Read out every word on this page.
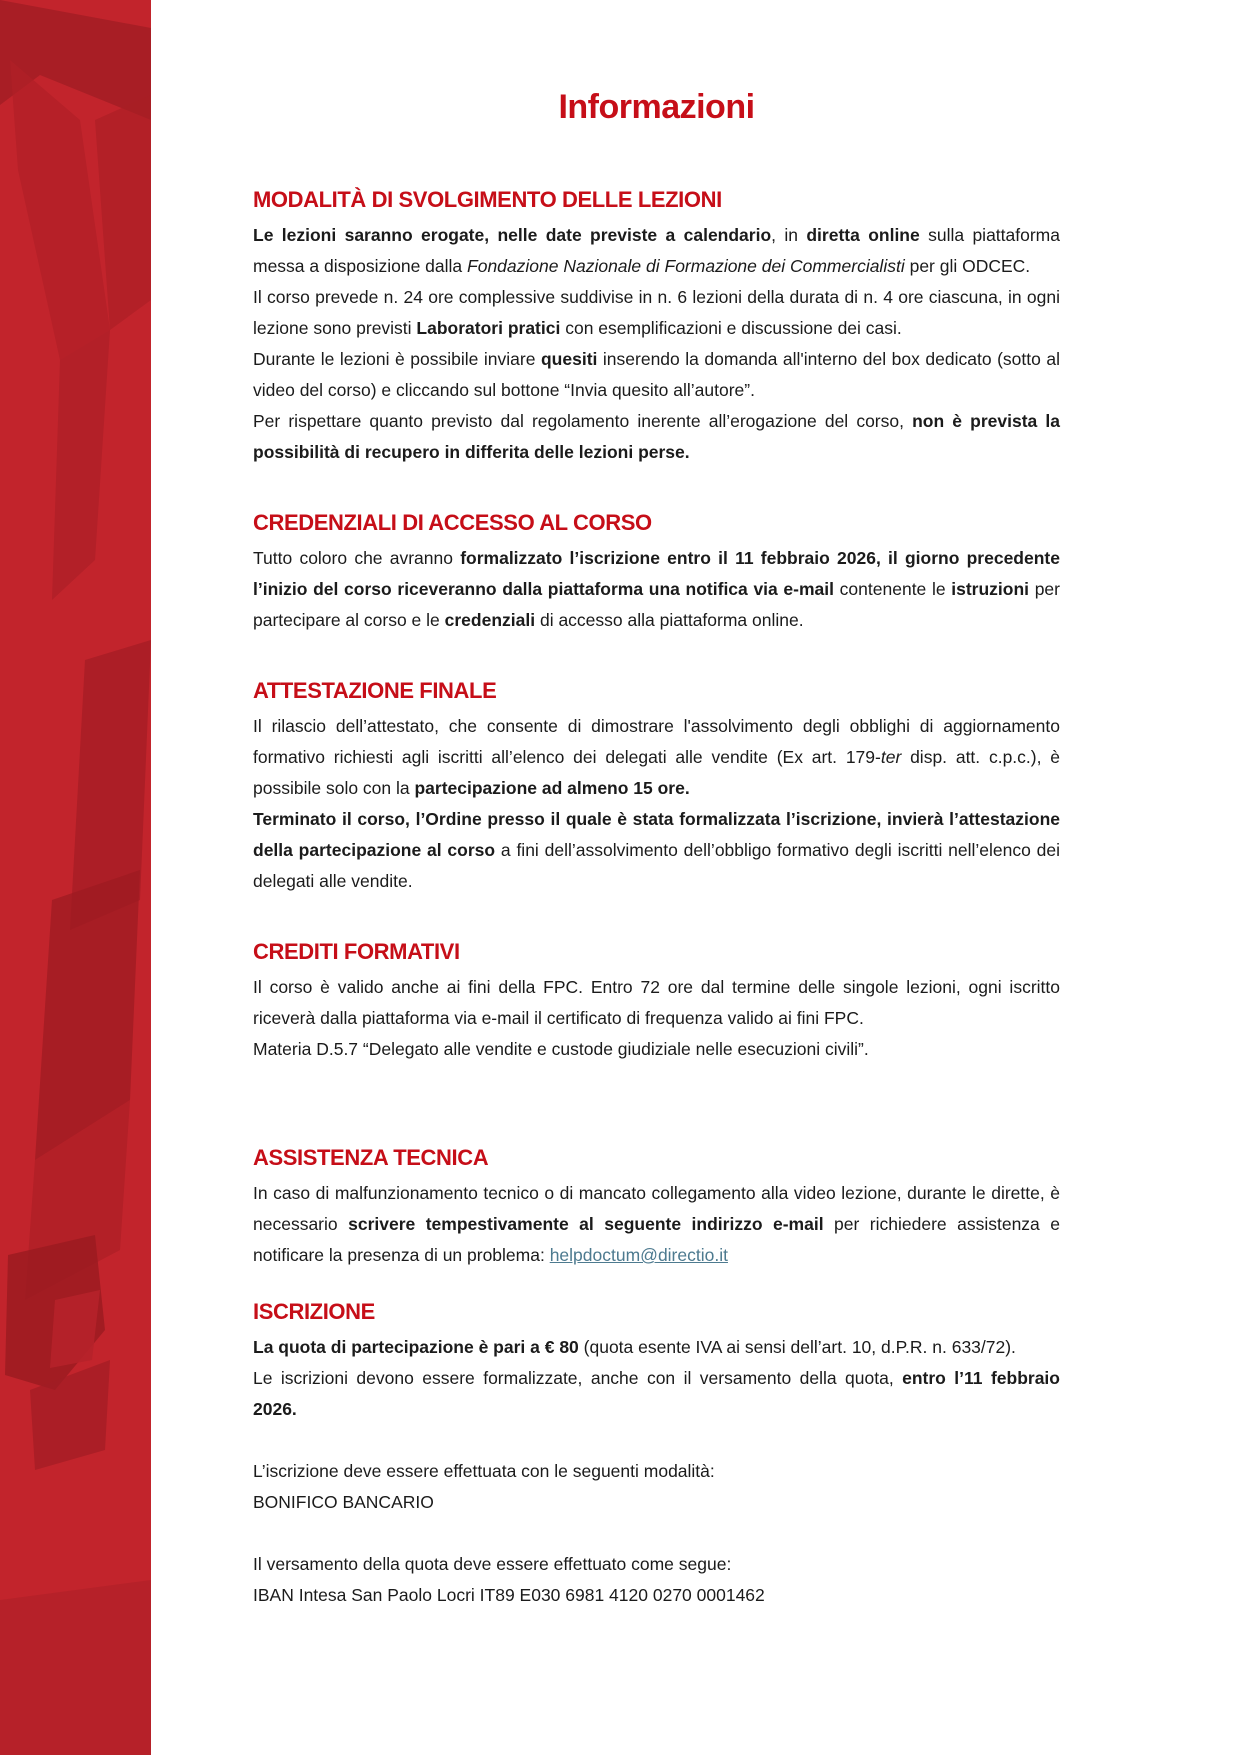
Informazioni
MODALITÀ DI SVOLGIMENTO DELLE LEZIONI

Le lezioni saranno erogate, nelle date previste a calendario, in diretta online sulla piattaforma messa a disposizione dalla Fondazione Nazionale di Formazione dei Commercialisti per gli ODCEC.

Il corso prevede n. 24 ore complessive suddivise in n. 6 lezioni della durata di n. 4 ore ciascuna, in ogni lezione sono previsti Laboratori pratici con esemplificazioni e discussione dei casi.

Durante le lezioni è possibile inviare quesiti inserendo la domanda all'interno del box dedicato (sotto al video del corso) e cliccando sul bottone “Invia quesito all’autore”.

Per rispettare quanto previsto dal regolamento inerente all’erogazione del corso, non è prevista la possibilità di recupero in differita delle lezioni perse.

CREDENZIALI DI ACCESSO AL CORSO

Tutto coloro che avranno formalizzato l’iscrizione entro il 11 febbraio 2026, il giorno precedente l’inizio del corso riceveranno dalla piattaforma una notifica via e-mail contenente le istruzioni per partecipare al corso e le credenziali di accesso alla piattaforma online.

ATTESTAZIONE FINALE

Il rilascio dell’attestato, che consente di dimostrare l'assolvimento degli obblighi di aggiornamento formativo richiesti agli iscritti all’elenco dei delegati alle vendite (Ex art. 179-ter disp. att. c.p.c.), è possibile solo con la partecipazione ad almeno 15 ore.

Terminato il corso, l’Ordine presso il quale è stata formalizzata l’iscrizione, invierà l’attestazione della partecipazione al corso a fini dell’assolvimento dell’obbligo formativo degli iscritti nell’elenco dei delegati alle vendite.

CREDITI FORMATIVI

Il corso è valido anche ai fini della FPC. Entro 72 ore dal termine delle singole lezioni, ogni iscritto riceverà dalla piattaforma via e-mail il certificato di frequenza valido ai fini FPC.

Materia D.5.7 “Delegato alle vendite e custode giudiziale nelle esecuzioni civili”.

ASSISTENZA TECNICA

In caso di malfunzionamento tecnico o di mancato collegamento alla video lezione, durante le dirette, è necessario scrivere tempestivamente al seguente indirizzo e-mail per richiedere assistenza e notificare la presenza di un problema: helpdoctum@directio.it

ISCRIZIONE

La quota di partecipazione è pari a € 80 (quota esente IVA ai sensi dell’art. 10, d.P.R. n. 633/72).

Le iscrizioni devono essere formalizzate, anche con il versamento della quota, entro l’11 febbraio 2026.

L’iscrizione deve essere effettuata con le seguenti modalità:

BONIFICO BANCARIO

Il versamento della quota deve essere effettuato come segue:

IBAN Intesa San Paolo Locri IT89 E030 6981 4120 0270 0001462
